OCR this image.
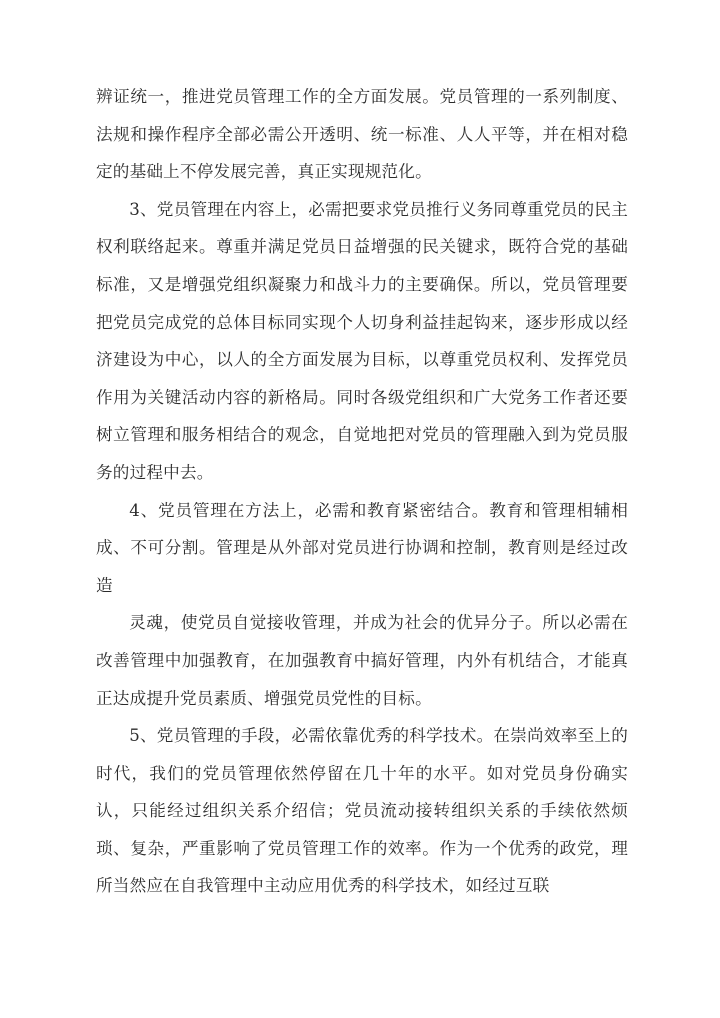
辨证统一，推进党员管理工作的全方面发展。党员管理的一系列制度、法规和操作程序全部必需公开透明、统一标准、人人平等，并在相对稳定的基础上不停发展完善，真正实现规范化。

3、党员管理在内容上，必需把要求党员推行义务同尊重党员的民主权利联络起来。尊重并满足党员日益增强的民关键求，既符合党的基础标准，又是增强党组织凝聚力和战斗力的主要确保。所以，党员管理要把党员完成党的总体目标同实现个人切身利益挂起钩来，逐步形成以经济建设为中心，以人的全方面发展为目标，以尊重党员权利、发挥党员作用为关键活动内容的新格局。同时各级党组织和广大党务工作者还要树立管理和服务相结合的观念，自觉地把对党员的管理融入到为党员服务的过程中去。

4、党员管理在方法上，必需和教育紧密结合。教育和管理相辅相成、不可分割。管理是从外部对党员进行协调和控制，教育则是经过改造

灵魂，使党员自觉接收管理，并成为社会的优异分子。所以必需在改善管理中加强教育，在加强教育中搞好管理，内外有机结合，才能真正达成提升党员素质、增强党员党性的目标。

5、党员管理的手段，必需依靠优秀的科学技术。在崇尚效率至上的时代，我们的党员管理依然停留在几十年的水平。如对党员身份确实认，只能经过组织关系介绍信；党员流动接转组织关系的手续依然烦琐、复杂，严重影响了党员管理工作的效率。作为一个优秀的政党，理所当然应在自我管理中主动应用优秀的科学技术，如经过互联
